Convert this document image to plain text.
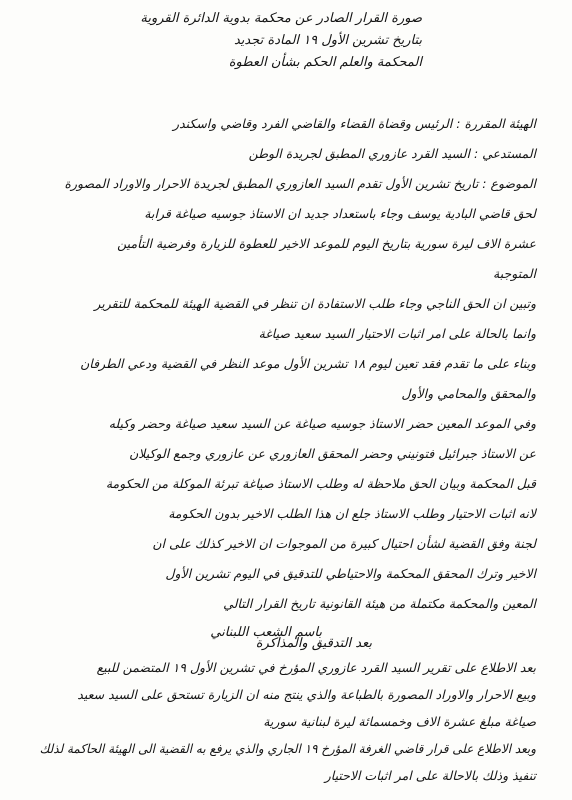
صورة القرار الصادر عن محكمة بدوية الدائرة القروية
بتاريخ تشرين الأول ١٩ المادة تجديد
المحكمة والعلم الحكم بشأن العطوة
الهيئة المقررة : الرئيس وقضاة القضاء والقاضي الفرد وقاضي واسكندر
المستدعي : السيد القرد عازوري المطبق لجريدة الوطن
الموضوع : تاريخ تشرين الأول تقدم السيد العازوري المطبق لجريدة الاحرار والاوراد المصورة
لحق قاضي البادية يوسف وجاء باستعداد جديد ان الاستاذ جوسيه صياغة قرابة
عشرة الاف ليرة سورية بتاريخ اليوم للموعد الاخير للعطوة للزيارة وفرضية التأمين
المتوجبة
وتبين ان الحق الناجي وجاء طلب الاستفادة ان تنظر في القضية الهيئة للمحكمة للتقرير
وانما بالحالة على امر اثبات الاحتيار السيد سعيد صياغة
وبناء على ما تقدم فقد تعين ليوم ١٨ تشرين الأول موعد النظر في القضية ودعي الطرفان
والمحقق والمحامي والأول
وفي الموعد المعين حضر الاستاذ جوسيه صياغة عن السيد سعيد صياغة وحضر وكيله
عن الاستاذ جبرائيل فتونيني وحضر المحقق العازوري عن عازوري وجمع الوكيلان
قبل المحكمة وبيان الحق ملاحظة له وطلب الاستاذ صياغة تبرئة الموكلة من الحكومة
لانه اثبات الاحتيار وطلب الاستاذ جلع ان هذا الطلب الاخير بدون الحكومة
لجنة وفق القضية لشأن احتيال كبيرة من الموجوات ان الاخير كذلك على ان
الاخير وترك المحقق المحكمة والاحتياطي للتدقيق في اليوم تشرين الأول
المعين والمحكمة مكتملة من هيئة القانونية تاريخ القرار التالي
باسم الشعب اللبناني
بعد التدقيق والمذاكرة
بعد الاطلاع على تقرير السيد القرد عازوري المؤرخ في تشرين الأول ١٩ المتضمن للبيع
وبيع الاحرار والاوراد المصورة بالطباعة والذي ينتج منه ان الزيارة تستحق على السيد سعيد
صياغة مبلغ عشرة الاف وخمسمائة ليرة لبنانية سورية
وبعد الاطلاع على قرار قاضي الغرفة المؤرخ ١٩ الجاري والذي يرفع به القضية الى الهيئة الحاكمة لذلك
تنفيذ وذلك بالاحالة على امر اثبات الاحتيار
